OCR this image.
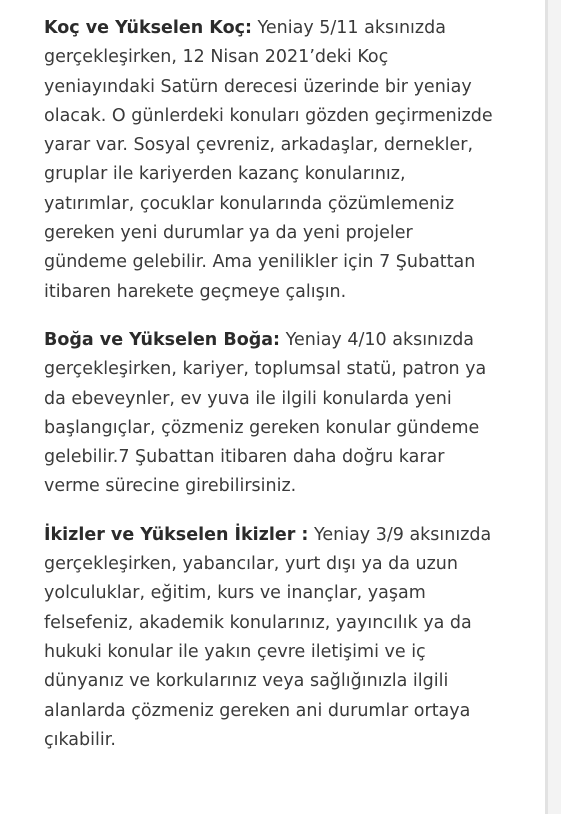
Koç ve Yükselen Koç: Yeniay 5/11 aksınızda
gerçekleşirken, 12 Nisan 2021’deki Koç
yeniayındaki Satürn derecesi üzerinde bir yeniay
olacak. O günlerdeki konuları gözden geçirmenizde
yarar var. Sosyal çevreniz, arkadaşlar, dernekler,
gruplar ile kariyerden kazanç konularınız,
yatırımlar, çocuklar konularında çözümlemeniz
gereken yeni durumlar ya da yeni projeler
gündeme gelebilir. Ama yenilikler için 7 Şubattan
itibaren harekete geçmeye çalışın.

Boğa ve Yükselen Boğa: Yeniay 4/10 aksınızda
gerçekleşirken, kariyer, toplumsal statü, patron ya
da ebeveynler, ev yuva ile ilgili konularda yeni
başlangıçlar, çözmeniz gereken konular gündeme
gelebilir.7 Şubattan itibaren daha doğru karar
verme sürecine girebilirsiniz.

İkizler ve Yükselen İkizler : Yeniay 3/9 aksınızda
gerçekleşirken, yabancılar, yurt dışı ya da uzun
yolculuklar, eğitim, kurs ve inançlar, yaşam
felsefeniz, akademik konularınız, yayıncılık ya da
hukuki konular ile yakın çevre iletişimi ve iç
dünyanız ve korkularınız veya sağlığınızla ilgili
alanlarda çözmeniz gereken ani durumlar ortaya
çıkabilir.
